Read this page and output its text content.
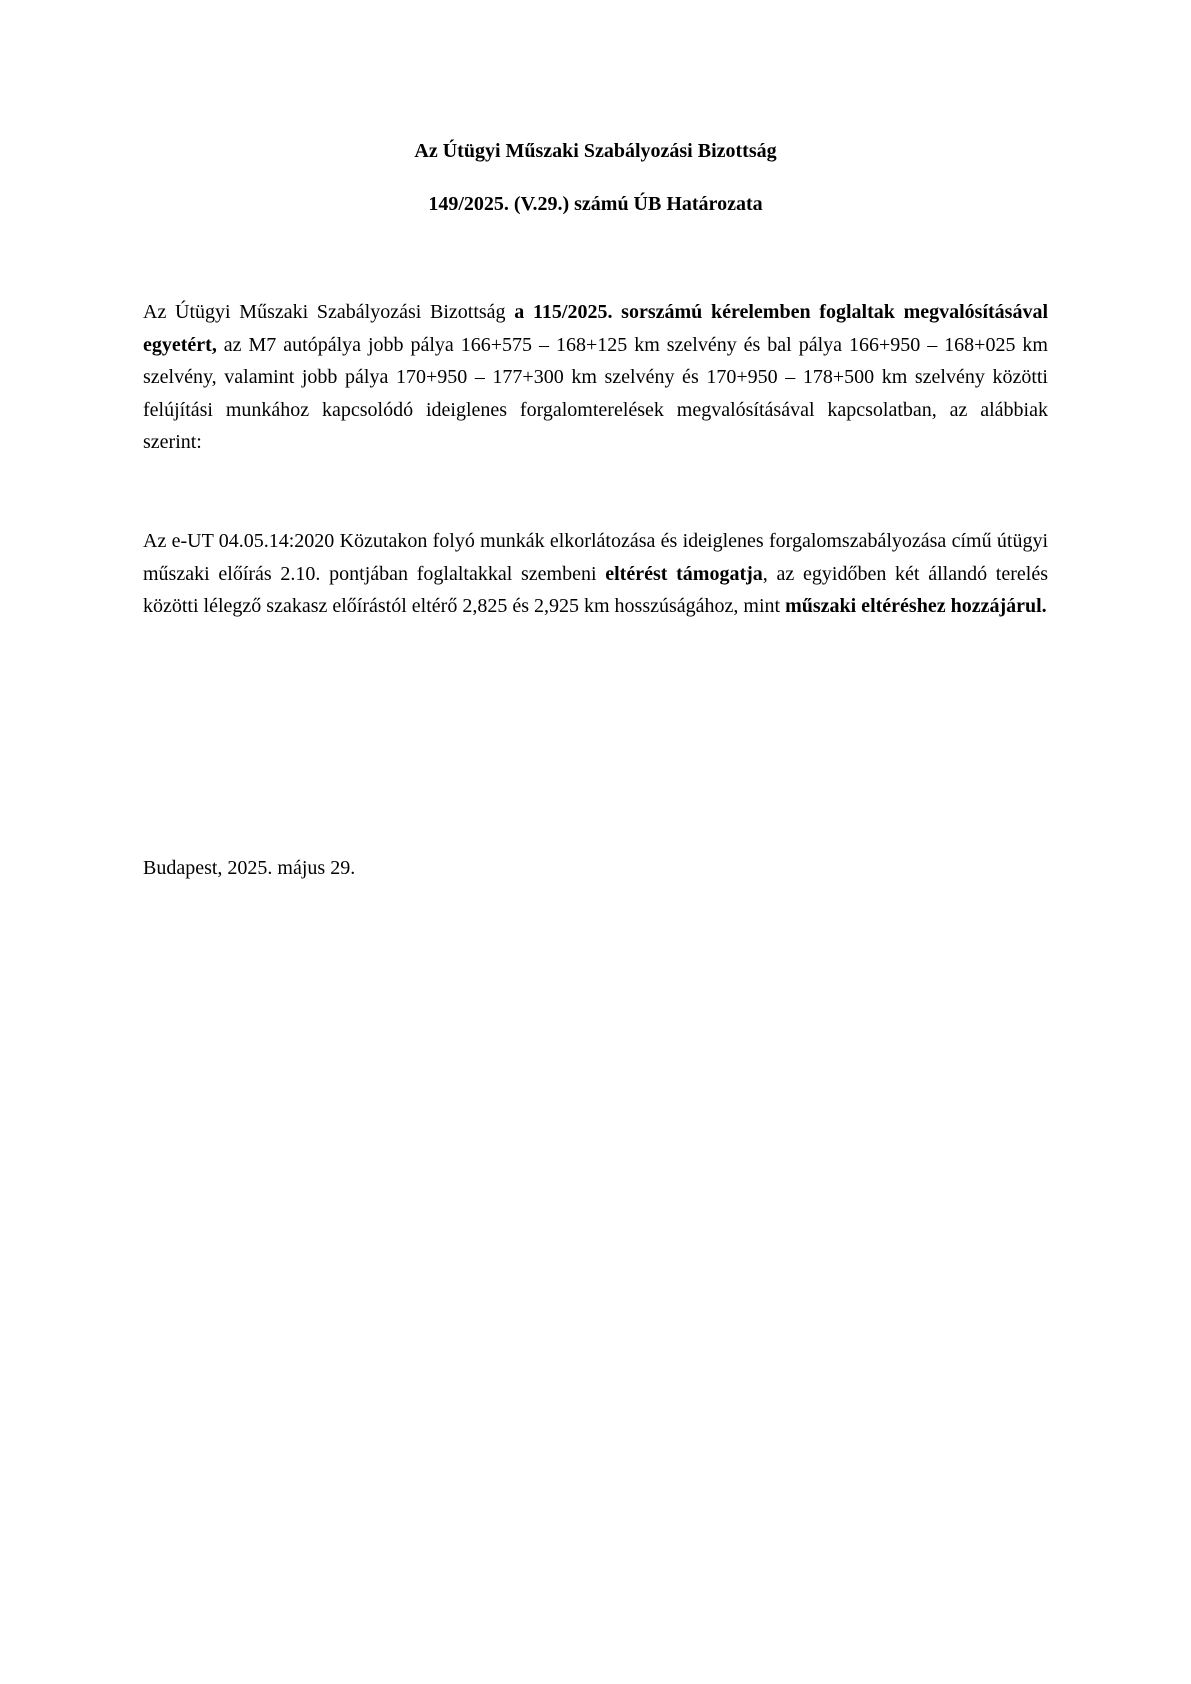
Az Útügyi Műszaki Szabályozási Bizottság
149/2025. (V.29.) számú ÚB Határozata

Az Útügyi Műszaki Szabályozási Bizottság a 115/2025. sorszámú kérelemben foglaltak megvalósításával egyetért, az M7 autópálya jobb pálya 166+575 – 168+125 km szelvény és bal pálya 166+950 – 168+025 km szelvény, valamint jobb pálya 170+950 – 177+300 km szelvény és 170+950 – 178+500 km szelvény közötti felújítási munkához kapcsolódó ideiglenes forgalomterelések megvalósításával kapcsolatban, az alábbiak szerint:

Az e-UT 04.05.14:2020 Közutakon folyó munkák elkorlátozása és ideiglenes forgalomszabályozása című útügyi műszaki előírás 2.10. pontjában foglaltakkal szembeni eltérést támogatja, az egyidőben két állandó terelés közötti lélegző szakasz előírástól eltérő 2,825 és 2,925 km hosszúságához, mint műszaki eltéréshez hozzájárul.

Budapest, 2025. május 29.
